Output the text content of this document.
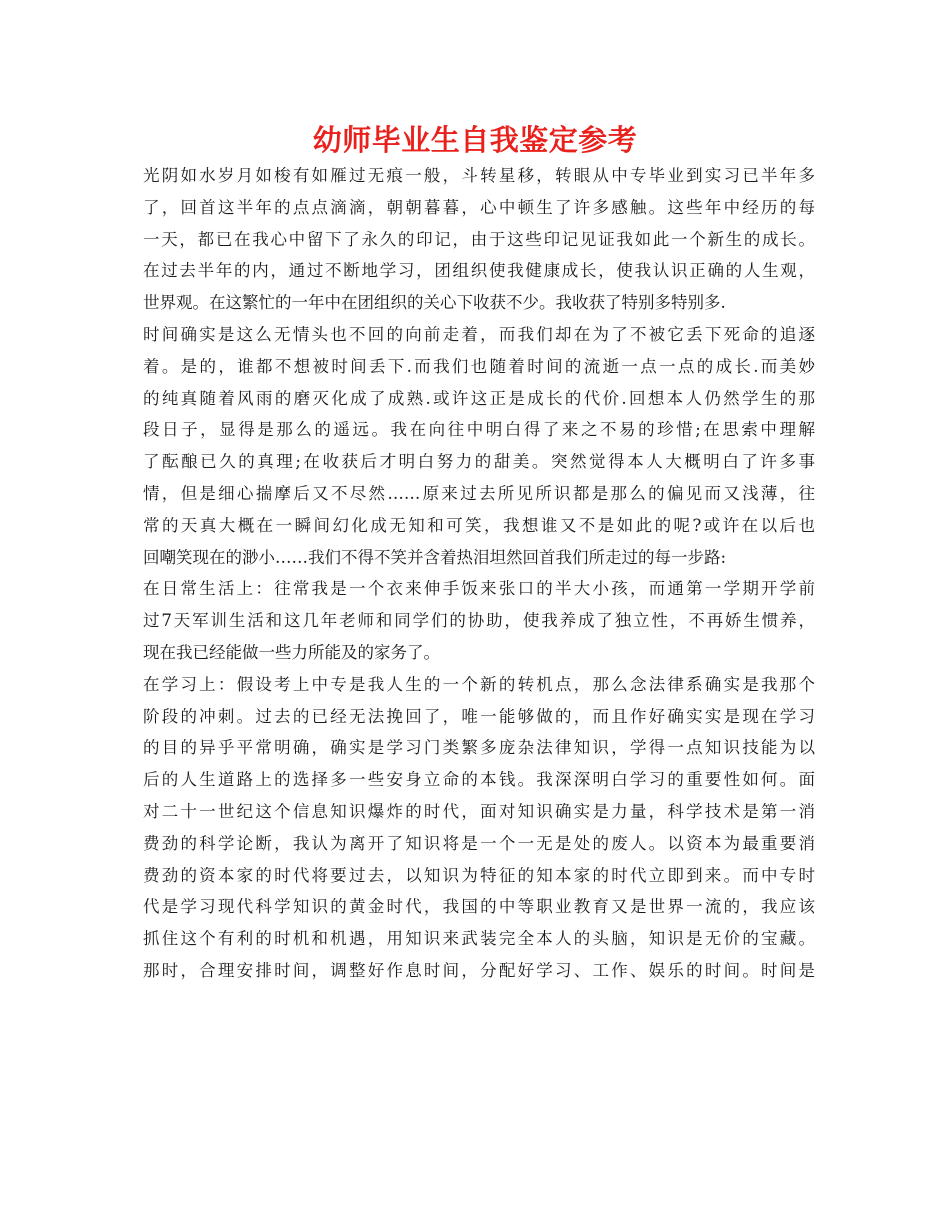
幼师毕业生自我鉴定参考
光阴如水岁月如梭有如雁过无痕一般，斗转星移，转眼从中专毕业到实习已半年多
了，回首这半年的点点滴滴，朝朝暮暮，心中顿生了许多感触。这些年中经历的每
一天，都已在我心中留下了永久的印记，由于这些印记见证我如此一个新生的成长。
在过去半年的内，通过不断地学习，团组织使我健康成长，使我认识正确的人生观，
世界观。在这繁忙的一年中在团组织的关心下收获不少。我收获了特别多特别多.
时间确实是这么无情头也不回的向前走着，而我们却在为了不被它丢下死命的追逐
着。是的，谁都不想被时间丢下.而我们也随着时间的流逝一点一点的成长.而美妙
的纯真随着风雨的磨灭化成了成熟.或许这正是成长的代价.回想本人仍然学生的那
段日子，显得是那么的遥远。我在向往中明白得了来之不易的珍惜;在思索中理解
了酝酿已久的真理;在收获后才明白努力的甜美。突然觉得本人大概明白了许多事
情，但是细心揣摩后又不尽然……原来过去所见所识都是那么的偏见而又浅薄，往
常的天真大概在一瞬间幻化成无知和可笑，我想谁又不是如此的呢?或许在以后也
回嘲笑现在的渺小……我们不得不笑并含着热泪坦然回首我们所走过的每一步路:
在日常生活上：往常我是一个衣来伸手饭来张口的半大小孩，而通第一学期开学前
过7天军训生活和这几年老师和同学们的协助，使我养成了独立性，不再娇生惯养，
现在我已经能做一些力所能及的家务了。
在学习上：假设考上中专是我人生的一个新的转机点，那么念法律系确实是我那个
阶段的冲刺。过去的已经无法挽回了，唯一能够做的，而且作好确实实是现在学习
的目的异乎平常明确，确实是学习门类繁多庞杂法律知识，学得一点知识技能为以
后的人生道路上的选择多一些安身立命的本钱。我深深明白学习的重要性如何。面
对二十一世纪这个信息知识爆炸的时代，面对知识确实是力量，科学技术是第一消
费劲的科学论断，我认为离开了知识将是一个一无是处的废人。以资本为最重要消
费劲的资本家的时代将要过去，以知识为特征的知本家的时代立即到来。而中专时
代是学习现代科学知识的黄金时代，我国的中等职业教育又是世界一流的，我应该
抓住这个有利的时机和机遇，用知识来武装完全本人的头脑，知识是无价的宝藏。
那时，合理安排时间，调整好作息时间，分配好学习、工作、娱乐的时间。时间是
